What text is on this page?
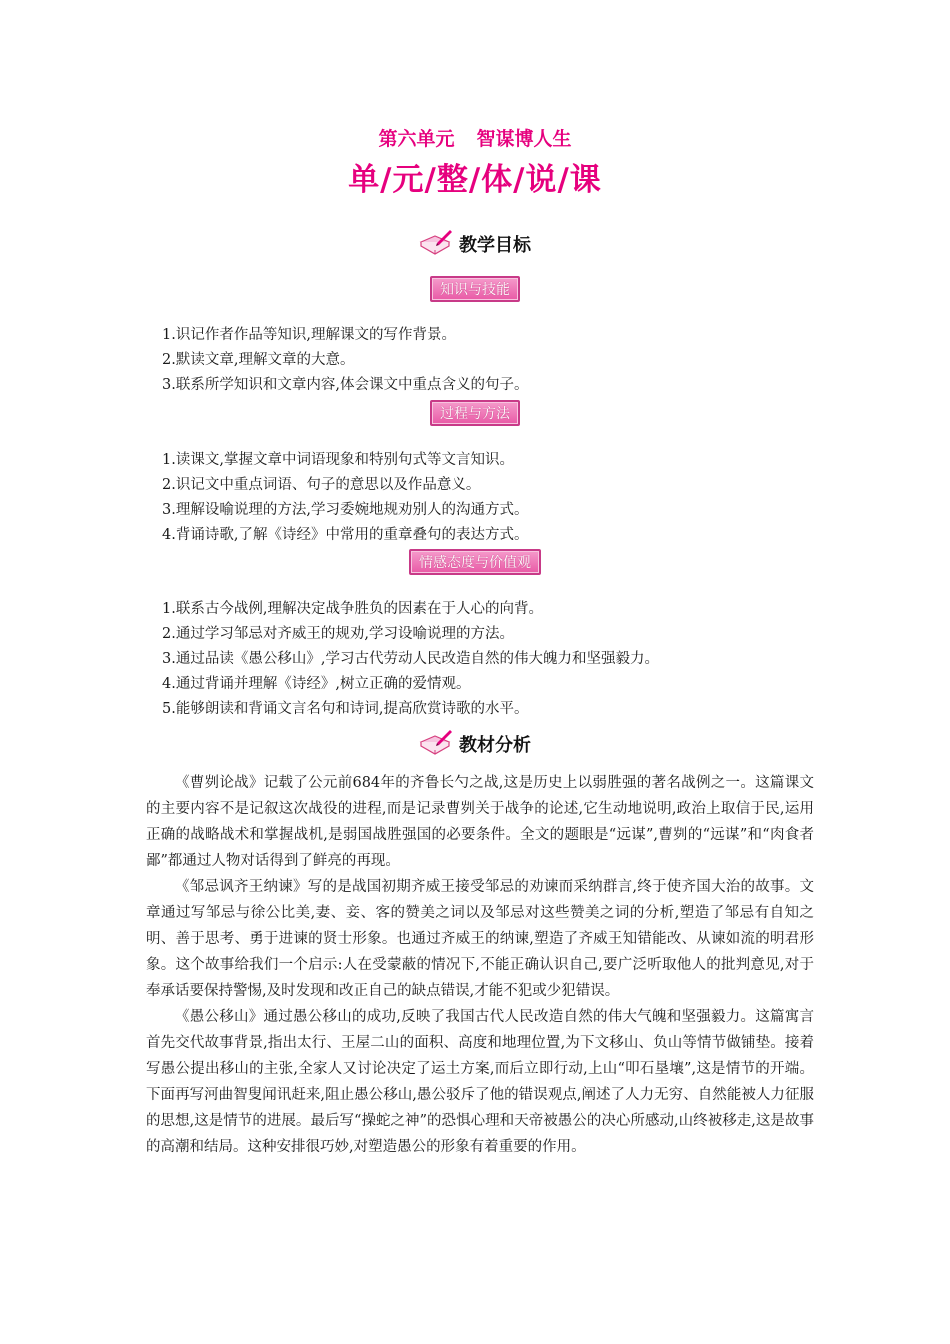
第六单元 智谋博人生
单/元/整/体/说/课
教学目标
知识与技能
1.识记作者作品等知识,理解课文的写作背景。
2.默读文章,理解文章的大意。
3.联系所学知识和文章内容,体会课文中重点含义的句子。
过程与方法
1.读课文,掌握文章中词语现象和特别句式等文言知识。
2.识记文中重点词语、句子的意思以及作品意义。
3.理解设喻说理的方法,学习委婉地规劝别人的沟通方式。
4.背诵诗歌,了解《诗经》中常用的重章叠句的表达方式。
情感态度与价值观
1.联系古今战例,理解决定战争胜负的因素在于人心的向背。
2.通过学习邹忌对齐威王的规劝,学习设喻说理的方法。
3.通过品读《愚公移山》,学习古代劳动人民改造自然的伟大魄力和坚强毅力。
4.通过背诵并理解《诗经》,树立正确的爱情观。
5.能够朗读和背诵文言名句和诗词,提高欣赏诗歌的水平。
教材分析

《曹刿论战》记载了公元前684年的齐鲁长勺之战,这是历史上以弱胜强的著名战例之一。这篇课文的主要内容不是记叙这次战役的进程,而是记录曹刿关于战争的论述,它生动地说明,政治上取信于民,运用正确的战略战术和掌握战机,是弱国战胜强国的必要条件。全文的题眼是“远谋”,曹刿的“远谋”和“肉食者鄙”都通过人物对话得到了鲜亮的再现。

《邹忌讽齐王纳谏》写的是战国初期齐威王接受邹忌的劝谏而采纳群言,终于使齐国大治的故事。文章通过写邹忌与徐公比美,妻、妾、客的赞美之词以及邹忌对这些赞美之词的分析,塑造了邹忌有自知之明、善于思考、勇于进谏的贤士形象。也通过齐威王的纳谏,塑造了齐威王知错能改、从谏如流的明君形象。这个故事给我们一个启示:人在受蒙蔽的情况下,不能正确认识自己,要广泛听取他人的批判意见,对于奉承话要保持警惕,及时发现和改正自己的缺点错误,才能不犯或少犯错误。

《愚公移山》通过愚公移山的成功,反映了我国古代人民改造自然的伟大气魄和坚强毅力。这篇寓言首先交代故事背景,指出太行、王屋二山的面积、高度和地理位置,为下文移山、负山等情节做铺垫。接着写愚公提出移山的主张,全家人又讨论决定了运土方案,而后立即行动,上山“叩石垦壤”,这是情节的开端。下面再写河曲智叟闻讯赶来,阻止愚公移山,愚公驳斥了他的错误观点,阐述了人力无穷、自然能被人力征服的思想,这是情节的进展。最后写“操蛇之神”的恐惧心理和天帝被愚公的决心所感动,山终被移走,这是故事的高潮和结局。这种安排很巧妙,对塑造愚公的形象有着重要的作用。
